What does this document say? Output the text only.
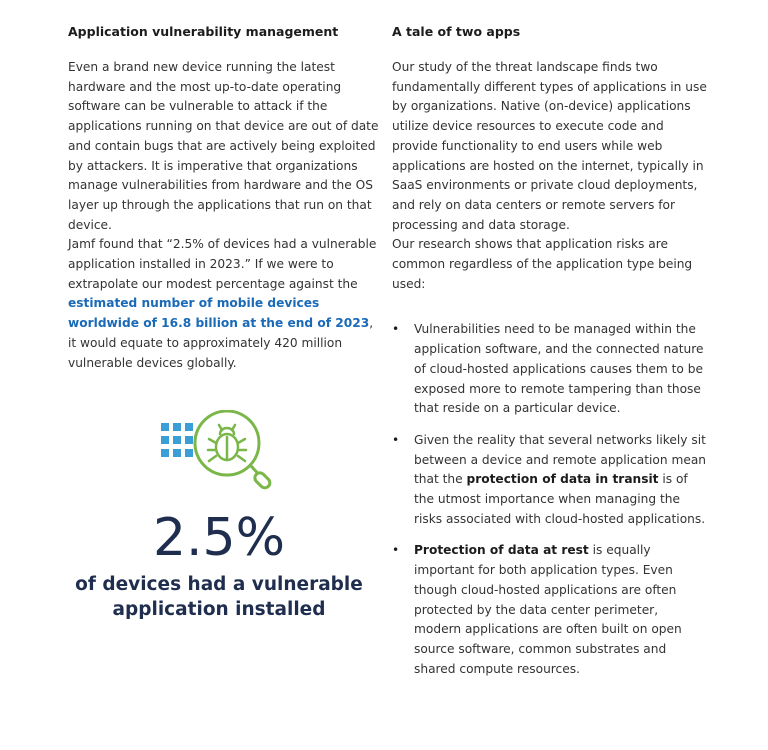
Application vulnerability management

Even a brand new device running the latest hardware and the most up-to-date operating software can be vulnerable to attack if the applications running on that device are out of date and contain bugs that are actively being exploited by attackers. It is imperative that organizations manage vulnerabilities from hardware and the OS layer up through the applications that run on that device.

Jamf found that “2.5% of devices had a vulnerable application installed in 2023.” If we were to extrapolate our modest percentage against the estimated number of mobile devices worldwide of 16.8 billion at the end of 2023, it would equate to approximately 420 million vulnerable devices globally.

2.5%
of devices had a vulnerable application installed
A tale of two apps

Our study of the threat landscape finds two fundamentally different types of applications in use by organizations. Native (on-device) applications utilize device resources to execute code and provide functionality to end users while web applications are hosted on the internet, typically in SaaS environments or private cloud deployments, and rely on data centers or remote servers for processing and data storage.

Our research shows that application risks are common regardless of the application type being used:

• Vulnerabilities need to be managed within the application software, and the connected nature of cloud-hosted applications causes them to be exposed more to remote tampering than those that reside on a particular device.
• Given the reality that several networks likely sit between a device and remote application mean that the protection of data in transit is of the utmost importance when managing the risks associated with cloud-hosted applications.
• Protection of data at rest is equally important for both application types. Even though cloud-hosted applications are often protected by the data center perimeter, modern applications are often built on open source software, common substrates and shared compute resources.
